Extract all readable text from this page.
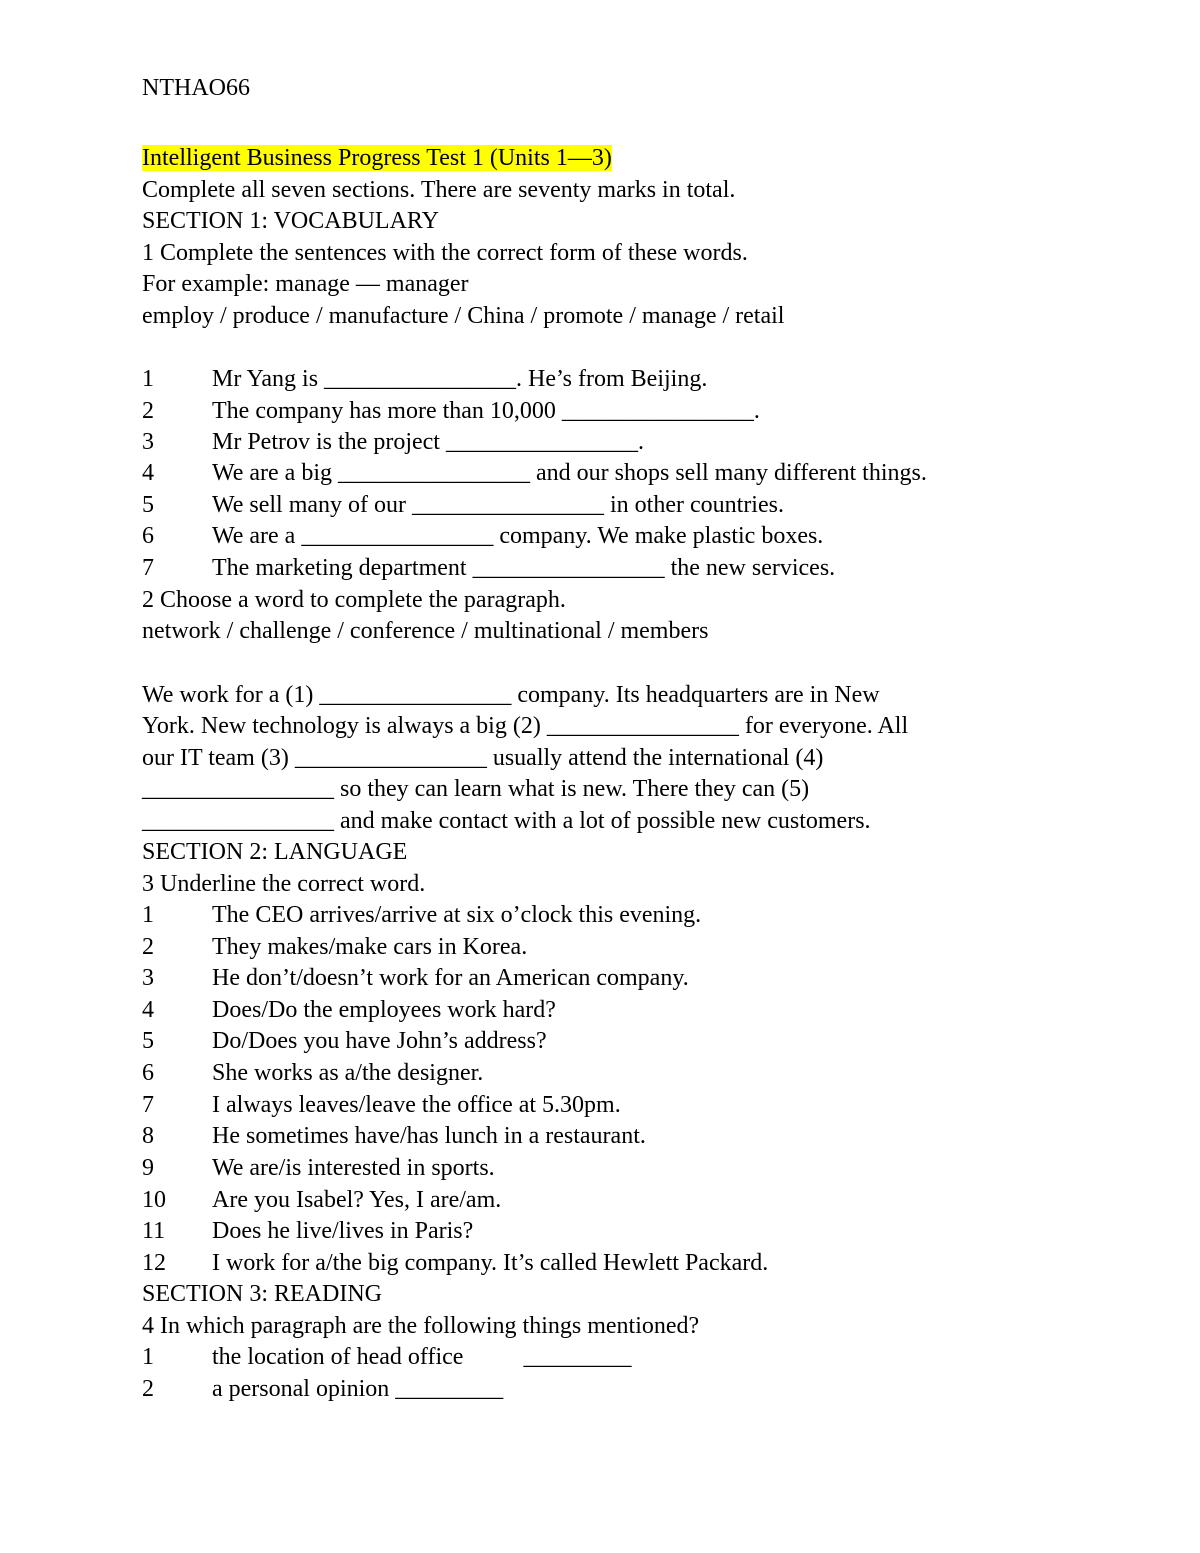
NTHAO66
Intelligent Business Progress Test 1 (Units 1—3)
Complete all seven sections. There are seventy marks in total.
SECTION 1: VOCABULARY
1 Complete the sentences with the correct form of these words.
For example: manage — manager
employ / produce / manufacture / China / promote / manage / retail
1 Mr Yang is ________________. He’s from Beijing.
2 The company has more than 10,000 ________________.
3 Mr Petrov is the project ________________.
4 We are a big ________________ and our shops sell many different things.
5 We sell many of our ________________ in other countries.
6 We are a ________________ company. We make plastic boxes.
7 The marketing department ________________ the new services.
2 Choose a word to complete the paragraph.
network / challenge / conference / multinational / members
We work for a (1) ________________ company. Its headquarters are in New
York. New technology is always a big (2) ________________ for everyone. All
our IT team (3) ________________ usually attend the international (4)
________________ so they can learn what is new. There they can (5)
________________ and make contact with a lot of possible new customers.
SECTION 2: LANGUAGE
3 Underline the correct word.
1 The CEO arrives/arrive at six o’clock this evening.
2 They makes/make cars in Korea.
3 He don’t/doesn’t work for an American company.
4 Does/Do the employees work hard?
5 Do/Does you have John’s address?
6 She works as a/the designer.
7 I always leaves/leave the office at 5.30pm.
8 He sometimes have/has lunch in a restaurant.
9 We are/is interested in sports.
10 Are you Isabel? Yes, I are/am.
11 Does he live/lives in Paris?
12 I work for a/the big company. It’s called Hewlett Packard.
SECTION 3: READING
4 In which paragraph are the following things mentioned?
1 the location of head office          _________
2 a personal opinion _________
